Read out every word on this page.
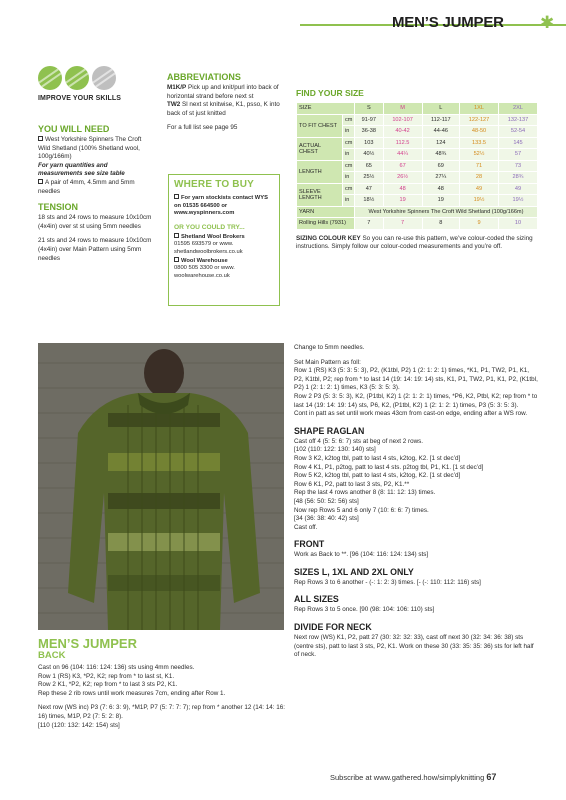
MEN’S JUMPER ✱
IMPROVE YOUR SKILLS
YOU WILL NEED
West Yorkshire Spinners The Croft Wild Shetland (100% Shetland wool, 100g/166m)
For yarn quantities and measurements see size table
A pair of 4mm, 4.5mm and 5mm needles
TENSION
18 sts and 24 rows to measure 10x10cm (4x4in) over st st using 5mm needles
21 sts and 24 rows to measure 10x10cm (4x4in) over Main Pattern using 5mm needles
ABBREVIATIONS
M1K/P Pick up and knit/purl into back of horizontal strand before next st
TW2 Sl next st knitwise, K1, psso, K into back of st just knitted
For a full list see page 95
WHERE TO BUY
For yarn stockists contact WYS on 01535 664500 or www.wyspinners.com
OR YOU COULD TRY...
Shetland Wool Brokers
01595 693579 or www. shetlandwoolbrokers.co.uk
Wool Warehouse
0800 505 3300 or www. woolwarehouse.co.uk
FIND YOUR SIZE
SIZE		S	M	L	1XL	2XL
TO FIT CHEST	cm	91-97	102-107	112-117	122-127	132-137
	in	36-38	40-42	44-46	48-50	52-54
ACTUAL CHEST	cm	103	112.5	124	133.5	145
	in	40½	44¼	48¾	52½	57
LENGTH	cm	65	67	69	71	73
	in	25½	26½	27¼	28	28¾
SLEEVE LENGTH	cm	47	48	48	49	49
	in	18½	19	19	19½	19½
YARN		West Yorkshire Spinners The Croft Wild Shetland (100g/166m)				
Rolling Hills (7931)		7	7	8	9	10
SIZING COLOUR KEY So you can re-use this pattern, we’ve colour-coded the sizing instructions. Simply follow our colour-coded measurements and you’re off.
MEN’S JUMPER
BACK
Cast on 96 (104: 116: 124: 136) sts using 4mm needles.
Row 1 (RS) K3, *P2, K2; rep from * to last st, K1.
Row 2 K1, *P2, K2; rep from * to last 3 sts P2, K1.
Rep these 2 rib rows until work measures 7cm, ending after Row 1.
Next row (WS inc) P3 (7: 6: 3: 9), *M1P, P7 (5: 7: 7: 7); rep from * another 12 (14: 14: 16: 16) times, M1P, P2 (7: 5: 2: 8).
[110 (120: 132: 142: 154) sts]
Change to 5mm needles.
Set Main Pattern as foll:
Row 1 (RS) K3 (5: 3: 5: 3), P2, (K1tbl, P2) 1 (2: 1: 2: 1) times, *K1, P1, TW2, P1, K1, P2, K1tbl, P2; rep from * to last 14 (19: 14: 19: 14) sts, K1, P1, TW2, P1, K1, P2, (K1tbl, P2) 1 (2: 1: 2: 1) times, K3 (5: 3: 5: 3).
Row 2 P3 (5: 3: 5: 3), K2, (P1tbl, K2) 1 (2: 1: 2: 1) times, *P6, K2, Ptbl, K2; rep from * to last 14 (19: 14: 19: 14) sts, P6, K2, (P1tbl, K2) 1 (2: 1: 2: 1) times, P3 (5: 3: 5: 3).
Cont in patt as set until work meas 43cm from cast-on edge, ending after a WS row.
SHAPE RAGLAN
Cast off 4 (5: 5: 6: 7) sts at beg of next 2 rows.
[102 (110: 122: 130: 140) sts]
Row 3 K2, k2tog tbl, patt to last 4 sts, k2tog, K2. [1 st dec’d]
Row 4 K1, P1, p2tog, patt to last 4 sts. p2tog tbl, P1, K1. [1 st dec’d]
Row 5 K2, k2tog tbl, patt to last 4 sts, k2tog, K2. [1 st dec’d]
Row 6 K1, P2, patt to last 3 sts, P2, K1.**
Rep the last 4 rows another 8 (8: 11: 12: 13) times.
[48 (56: 50: 52: 56) sts]
Now rep Rows 5 and 6 only 7 (10: 6: 6: 7) times.
[34 (36: 38: 40: 42) sts]
Cast off.
FRONT
Work as Back to **. [96 (104: 116: 124: 134) sts]
SIZES L, 1XL AND 2XL ONLY
Rep Rows 3 to 6 another - (-: 1: 2: 3) times. [- (-: 110: 112: 116) sts]
ALL SIZES
Rep Rows 3 to 5 once. [90 (98: 104: 106: 110) sts]
DIVIDE FOR NECK
Next row (WS) K1, P2, patt 27 (30: 32: 32: 33), cast off next 30 (32: 34: 36: 38) sts (centre sts), patt to last 3 sts, P2, K1. Work on these 30 (33: 35: 35: 36) sts for left half of neck.
Subscribe at www.gathered.how/simplyknitting 67
